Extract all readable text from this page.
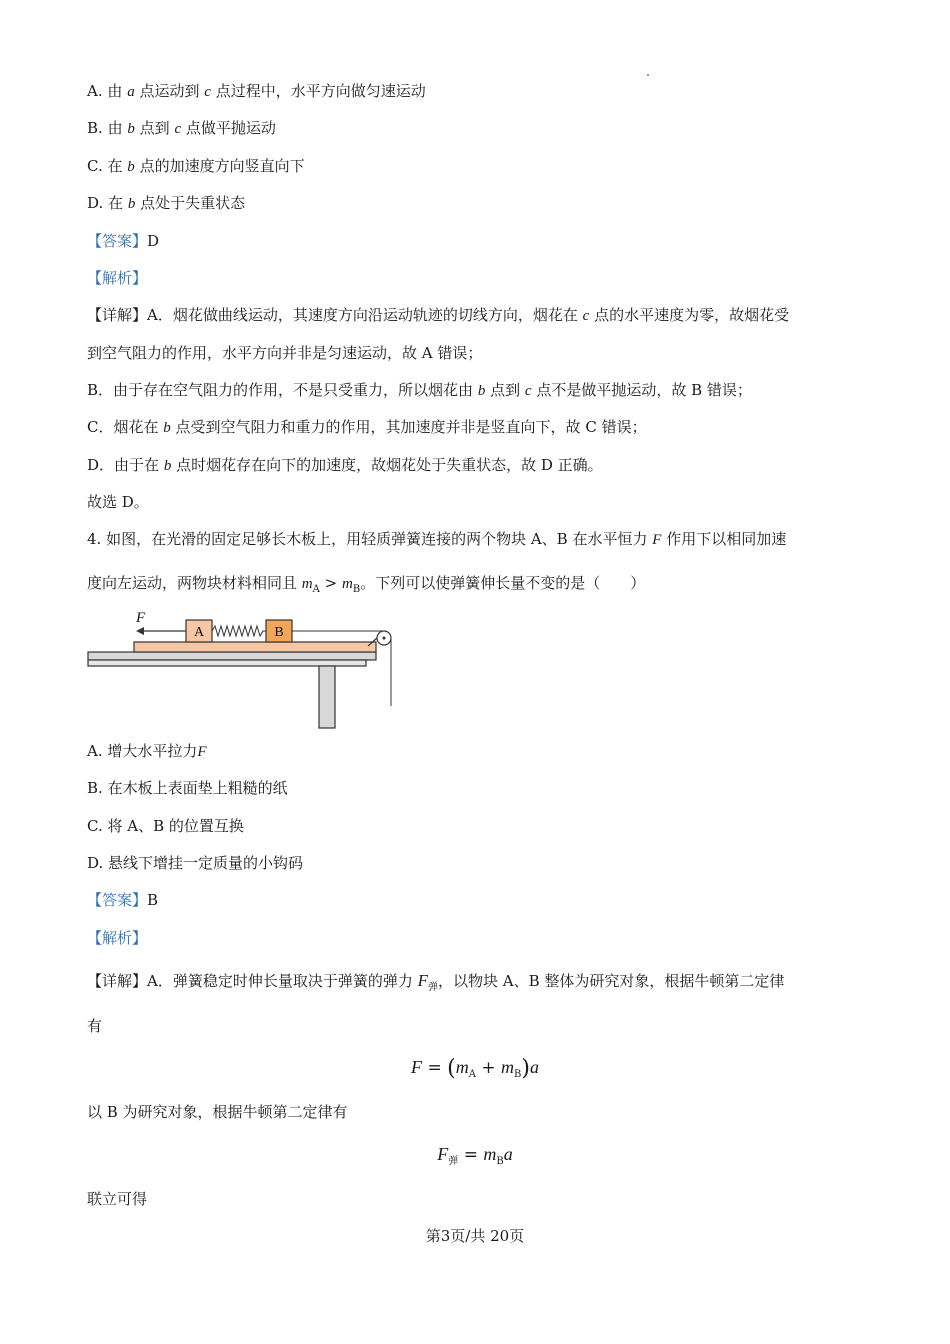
A. 由 a 点运动到 c 点过程中，水平方向做匀速运动
B. 由 b 点到 c 点做平抛运动
C. 在 b 点的加速度方向竖直向下
D. 在 b 点处于失重状态
【答案】D
【解析】
【详解】A．烟花做曲线运动，其速度方向沿运动轨迹的切线方向，烟花在 c 点的水平速度为零，故烟花受
到空气阻力的作用，水平方向并非是匀速运动，故 A 错误；
B．由于存在空气阻力的作用，不是只受重力，所以烟花由 b 点到 c 点不是做平抛运动，故 B 错误；
C．烟花在 b 点受到空气阻力和重力的作用，其加速度并非是竖直向下，故 C 错误；
D．由于在 b 点时烟花存在向下的加速度，故烟花处于失重状态，故 D 正确。
故选 D。
4. 如图，在光滑的固定足够长木板上，用轻质弹簧连接的两个物块 A、B 在水平恒力 F 作用下以相同加速
度向左运动，两物块材料相同且 $m_A > m_B$。下列可以使弹簧伸长量不变的是（　　）
A	B
F
A. 增大水平拉力F
B. 在木板上表面垫上粗糙的纸
C. 将 A、B 的位置互换
D. 悬线下增挂一定质量的小钩码
【答案】B
【解析】
【详解】A．弹簧稳定时伸长量取决于弹簧的弹力 $F_弹$，以物块 A、B 整体为研究对象，根据牛顿第二定律
有
$F = (m_A + m_B)a$
以 B 为研究对象，根据牛顿第二定律有
$F_弹 = m_Ba$
联立可得
第3页/共 20页
